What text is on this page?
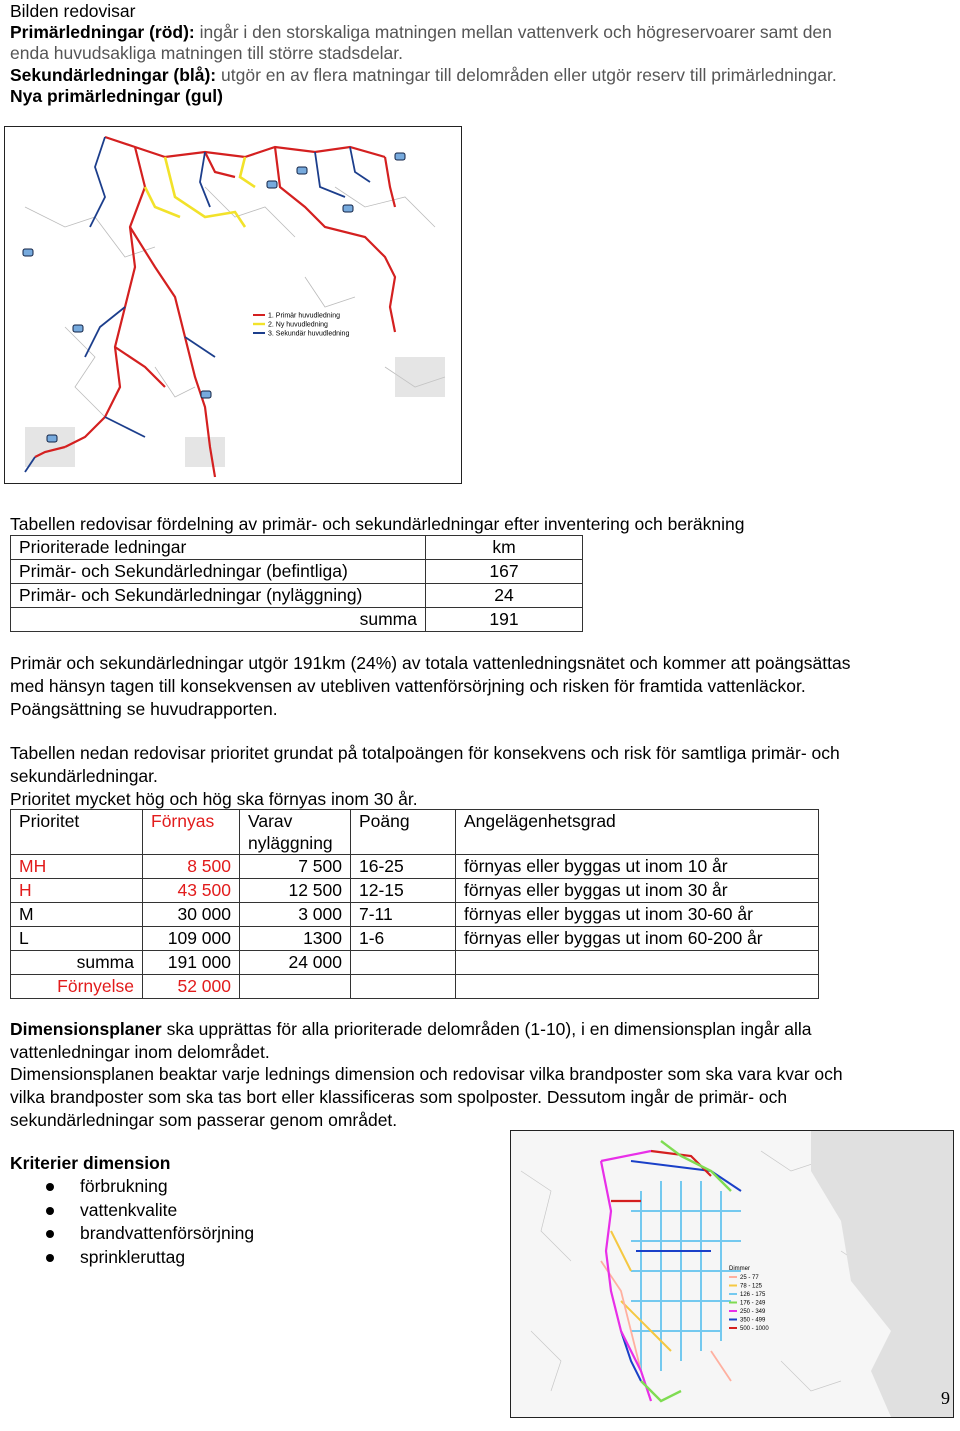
Bilden redovisar
Primärledningar (röd): ingår i den storskaliga matningen mellan vattenverk och högreservoarer samt den
enda huvudsakliga matningen till större stadsdelar.
Sekundärledningar (blå): utgör en av flera matningar till delområden eller utgör reserv till primärledningar.
Nya primärledningar (gul)
1. Primär huvudledning
2. Ny huvudledning
3. Sekundär huvudledning
Tabellen redovisar fördelning av primär- och sekundärledningar efter inventering och beräkning
Prioriterade ledningar	km
Primär- och Sekundärledningar (befintliga)	167
Primär- och Sekundärledningar (nyläggning)	24
summa	191
Primär och sekundärledningar utgör 191km (24%) av totala vattenledningsnätet och kommer att poängsättas
med hänsyn tagen till konsekvensen av utebliven vattenförsörjning och risken för framtida vattenläckor.
Poängsättning se huvudrapporten.
Tabellen nedan redovisar prioritet grundat på totalpoängen för konsekvens och risk för samtliga primär- och
sekundärledningar.
Prioritet mycket hög och hög ska förnyas inom 30 år.
Prioritet	Förnyas	Varav nyläggning	Poäng	Angelägenhetsgrad
MH	8 500	7 500	16-25	förnyas eller byggas ut inom 10 år
H	43 500	12 500	12-15	förnyas eller byggas ut inom 30 år
M	30 000	3 000	7-11	förnyas eller byggas ut inom 30-60 år
L	109 000	1300	1-6	förnyas eller byggas ut inom 60-200 år
summa	191 000	24 000		
Förnyelse	52 000			
Dimensionsplaner ska upprättas för alla prioriterade delområden (1-10), i en dimensionsplan ingår alla
vattenledningar inom delområdet.
Dimensionsplanen beaktar varje lednings dimension och redovisar vilka brandposter som ska vara kvar och
vilka brandposter som ska tas bort eller klassificeras som spolposter. Dessutom ingår de primär- och
sekundärledningar som passerar genom området.
Kriterier dimension
förbrukning
vattenkvalite
brandvattenförsörjning
sprinkleruttag
Dimmer
25 - 77
78 - 125
126 - 175
176 - 249
250 - 349
350 - 499
500 - 1000
9
